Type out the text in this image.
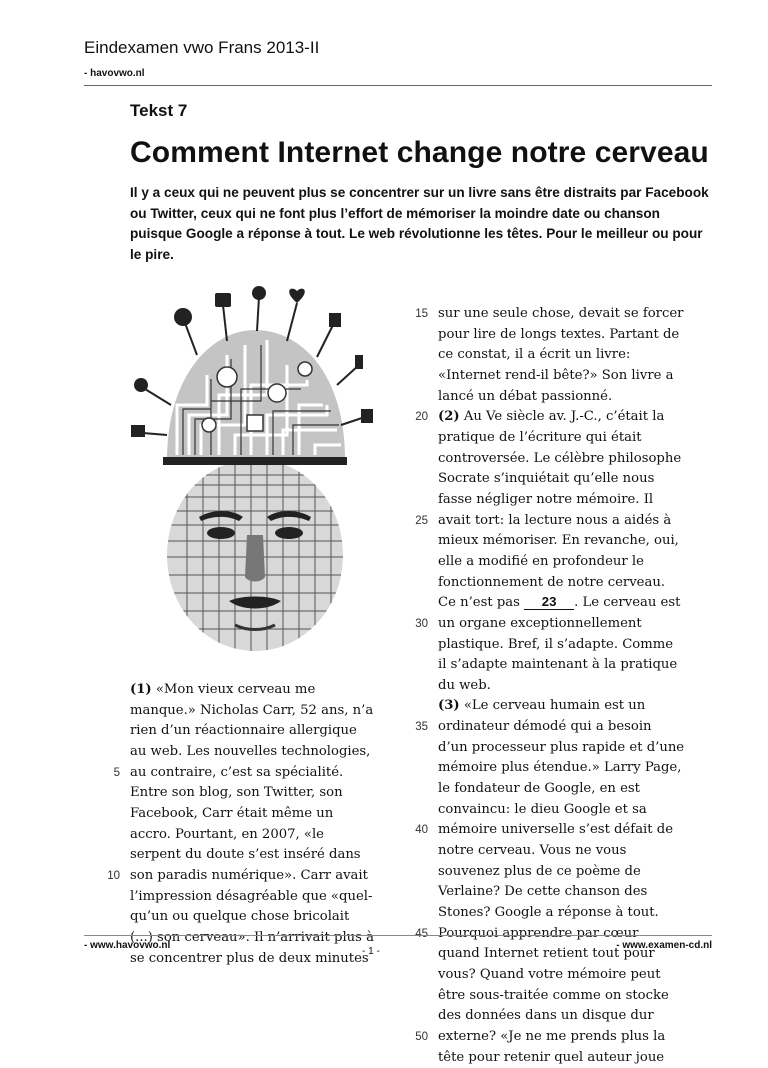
Eindexamen vwo Frans 2013-II
- havovwo.nl
Tekst 7
Comment Internet change notre cerveau
Il y a ceux qui ne peuvent plus se concentrer sur un livre sans être distraits par Facebook ou Twitter, ceux qui ne font plus l’effort de mémoriser la moindre date ou chanson puisque Google a réponse à tout. Le web révolutionne les têtes. Pour le meilleur ou pour le pire.
(1) «Mon vieux cerveau me
manque.» Nicholas Carr, 52 ans, n’a
rien d’un réactionnaire allergique
au web. Les nouvelles technologies,
5 au contraire, c’est sa spécialité.
Entre son blog, son Twitter, son
Facebook, Carr était même un
accro. Pourtant, en 2007, «le
serpent du doute s’est inséré dans
10 son paradis numérique». Carr avait
l’impression désagréable que «quel-
qu’un ou quelque chose bricolait
(...) son cerveau». Il n’arrivait plus à
se concentrer plus de deux minutes
15 sur une seule chose, devait se forcer
pour lire de longs textes. Partant de
ce constat, il a écrit un livre:
«Internet rend-il bête?» Son livre a
lancé un débat passionné.
20 (2) Au Ve siècle av. J.-C., c’était la
pratique de l’écriture qui était
controversée. Le célèbre philosophe
Socrate s’inquiétait qu’elle nous
fasse négliger notre mémoire. Il
25 avait tort: la lecture nous a aidés à
mieux mémoriser. En revanche, oui,
elle a modifié en profondeur le
fonctionnement de notre cerveau.
Ce n’est pas 23 . Le cerveau est
30 un organe exceptionnellement
plastique. Bref, il s’adapte. Comme
il s’adapte maintenant à la pratique
du web.
(3) «Le cerveau humain est un
35 ordinateur démodé qui a besoin
d’un processeur plus rapide et d’une
mémoire plus étendue.» Larry Page,
le fondateur de Google, en est
convaincu: le dieu Google et sa
40 mémoire universelle s’est défait de
notre cerveau. Vous ne vous
souvenez plus de ce poème de
Verlaine? De cette chanson des
Stones? Google a réponse à tout.
45 Pourquoi apprendre par cœur
quand Internet retient tout pour
vous? Quand votre mémoire peut
être sous-traitée comme on stocke
des données dans un disque dur
50 externe? «Je ne me prends plus la
tête pour retenir quel auteur joue
- www.havovwo.nl
- 1 -
- www.examen-cd.nl
